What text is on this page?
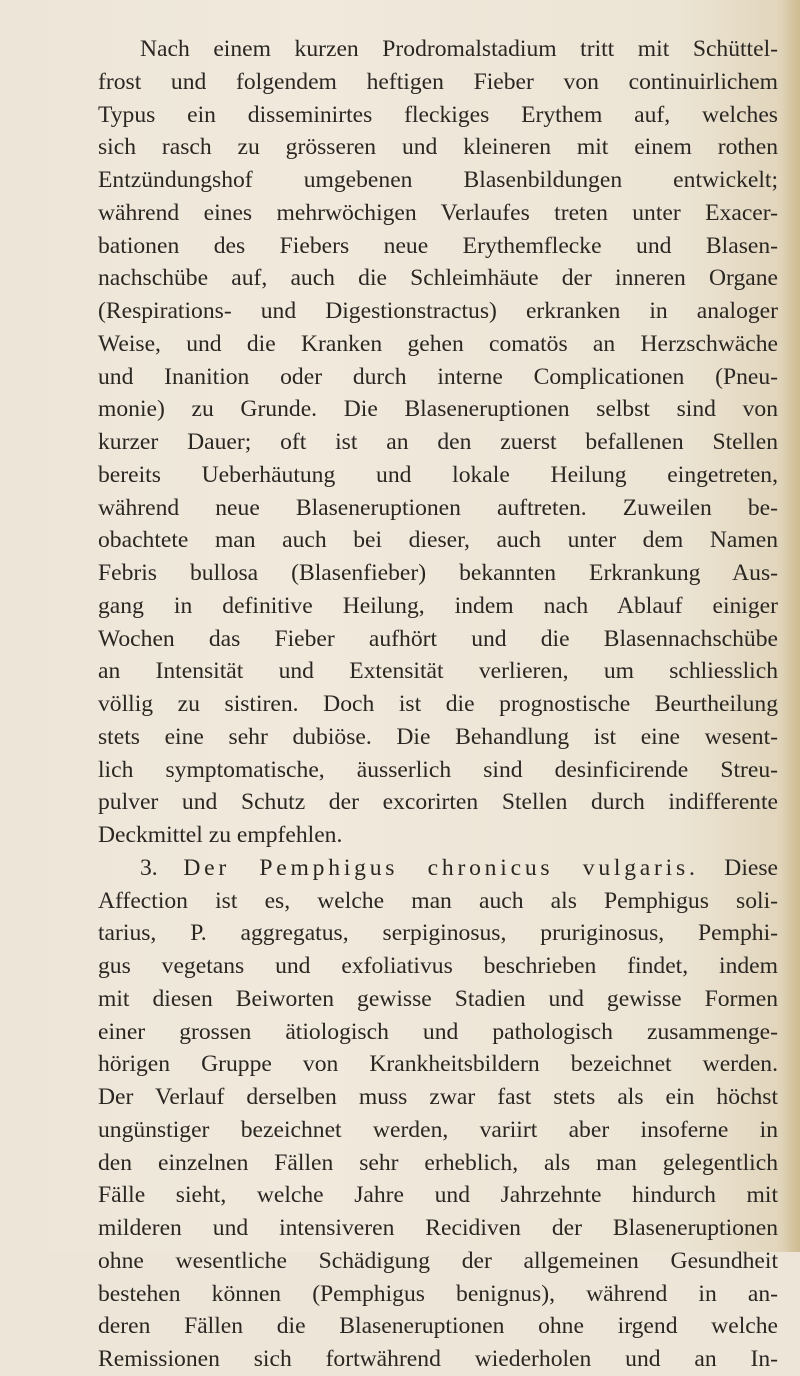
Nach einem kurzen Prodromalstadium tritt mit Schüttel-
frost und folgendem heftigen Fieber von continuirlichem
Typus ein disseminirtes fleckiges Erythem auf, welches
sich rasch zu grösseren und kleineren mit einem rothen
Entzündungshof umgebenen Blasenbildungen entwickelt;
während eines mehrwöchigen Verlaufes treten unter Exacer-
bationen des Fiebers neue Erythemflecke und Blasen-
nachschübe auf, auch die Schleimhäute der inneren Organe
(Respirations- und Digestionstractus) erkranken in analoger
Weise, und die Kranken gehen comatös an Herzschwäche
und Inanition oder durch interne Complicationen (Pneu-
monie) zu Grunde. Die Blaseneruptionen selbst sind von
kurzer Dauer; oft ist an den zuerst befallenen Stellen
bereits Ueberhäutung und lokale Heilung eingetreten,
während neue Blaseneruptionen auftreten. Zuweilen be-
obachtete man auch bei dieser, auch unter dem Namen
Febris bullosa (Blasenfieber) bekannten Erkrankung Aus-
gang in definitive Heilung, indem nach Ablauf einiger
Wochen das Fieber aufhört und die Blasennachschübe
an Intensität und Extensität verlieren, um schliesslich
völlig zu sistiren. Doch ist die prognostische Beurtheilung
stets eine sehr dubiöse. Die Behandlung ist eine wesent-
lich symptomatische, äusserlich sind desinficirende Streu-
pulver und Schutz der excorirten Stellen durch indifferente
Deckmittel zu empfehlen.
3. Der Pemphigus chronicus vulgaris. Diese
Affection ist es, welche man auch als Pemphigus soli-
tarius, P. aggregatus, serpiginosus, pruriginosus, Pemphi-
gus vegetans und exfoliativus beschrieben findet, indem
mit diesen Beiworten gewisse Stadien und gewisse Formen
einer grossen ätiologisch und pathologisch zusammenge-
hörigen Gruppe von Krankheitsbildern bezeichnet werden.
Der Verlauf derselben muss zwar fast stets als ein höchst
ungünstiger bezeichnet werden, variirt aber insoferne in
den einzelnen Fällen sehr erheblich, als man gelegentlich
Fälle sieht, welche Jahre und Jahrzehnte hindurch mit
milderen und intensiveren Recidiven der Blaseneruptionen
ohne wesentliche Schädigung der allgemeinen Gesundheit
bestehen können (Pemphigus benignus), während in an-
deren Fällen die Blaseneruptionen ohne irgend welche
Remissionen sich fortwährend wiederholen und an In-
